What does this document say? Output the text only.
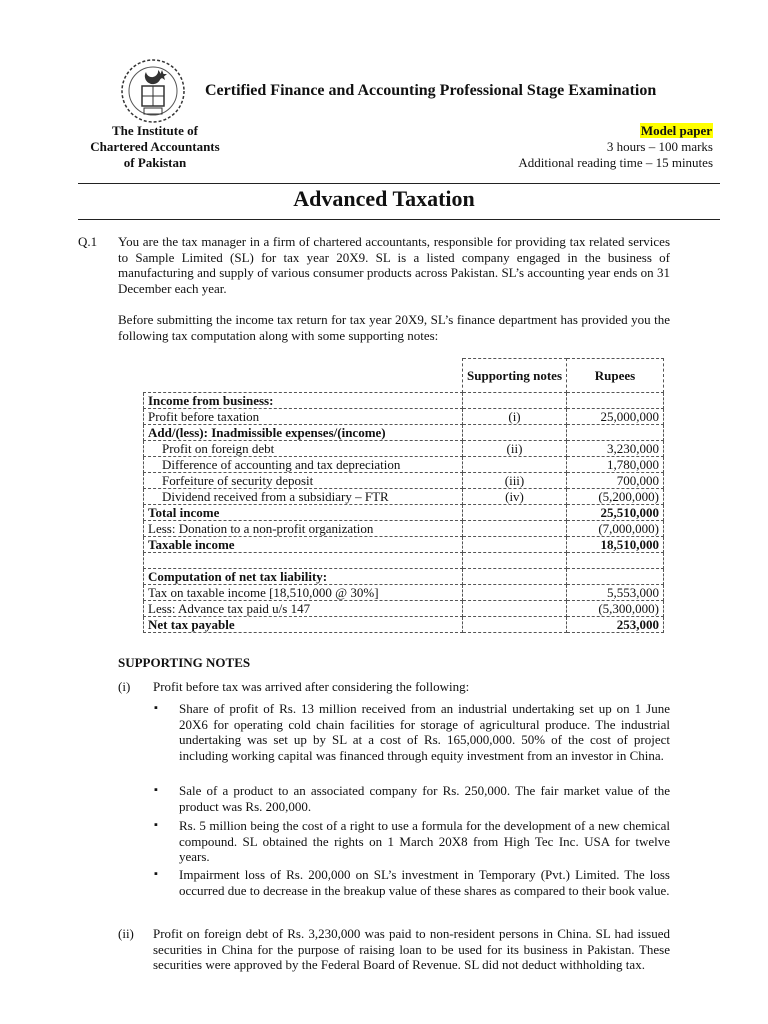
Certified Finance and Accounting Professional Stage Examination
The Institute of
Chartered Accountants
of Pakistan
Model paper
3 hours – 100 marks
Additional reading time – 15 minutes
Advanced Taxation
Q.1 You are the tax manager in a firm of chartered accountants, responsible for providing tax related services to Sample Limited (SL) for tax year 20X9. SL is a listed company engaged in the business of manufacturing and supply of various consumer products across Pakistan. SL’s accounting year ends on 31 December each year.
Before submitting the income tax return for tax year 20X9, SL’s finance department has provided you the following tax computation along with some supporting notes:
	Supporting notes	Rupees
Income from business:		
Profit before taxation	(i)	25,000,000
Add/(less): Inadmissible expenses/(income)		
Profit on foreign debt	(ii)	3,230,000
Difference of accounting and tax depreciation		1,780,000
Forfeiture of security deposit	(iii)	700,000
Dividend received from a subsidiary – FTR	(iv)	(5,200,000)
Total income		25,510,000
Less: Donation to a non-profit organization		(7,000,000)
Taxable income		18,510,000

Computation of net tax liability:		
Tax on taxable income [18,510,000 @ 30%]		5,553,000
Less: Advance tax paid u/s 147		(5,300,000)
Net tax payable		253,000
SUPPORTING NOTES
(i) Profit before tax was arrived after considering the following:
▪ Share of profit of Rs. 13 million received from an industrial undertaking set up on 1 June 20X6 for operating cold chain facilities for storage of agricultural produce. The industrial undertaking was set up by SL at a cost of Rs. 165,000,000. 50% of the cost of project including working capital was financed through equity investment from an investor in China.
▪ Sale of a product to an associated company for Rs. 250,000. The fair market value of the product was Rs. 200,000.
▪ Rs. 5 million being the cost of a right to use a formula for the development of a new chemical compound. SL obtained the rights on 1 March 20X8 from High Tec Inc. USA for twelve years.
▪ Impairment loss of Rs. 200,000 on SL’s investment in Temporary (Pvt.) Limited. The loss occurred due to decrease in the breakup value of these shares as compared to their book value.
(ii) Profit on foreign debt of Rs. 3,230,000 was paid to non-resident persons in China. SL had issued securities in China for the purpose of raising loan to be used for its business in Pakistan. These securities were approved by the Federal Board of Revenue. SL did not deduct withholding tax.
